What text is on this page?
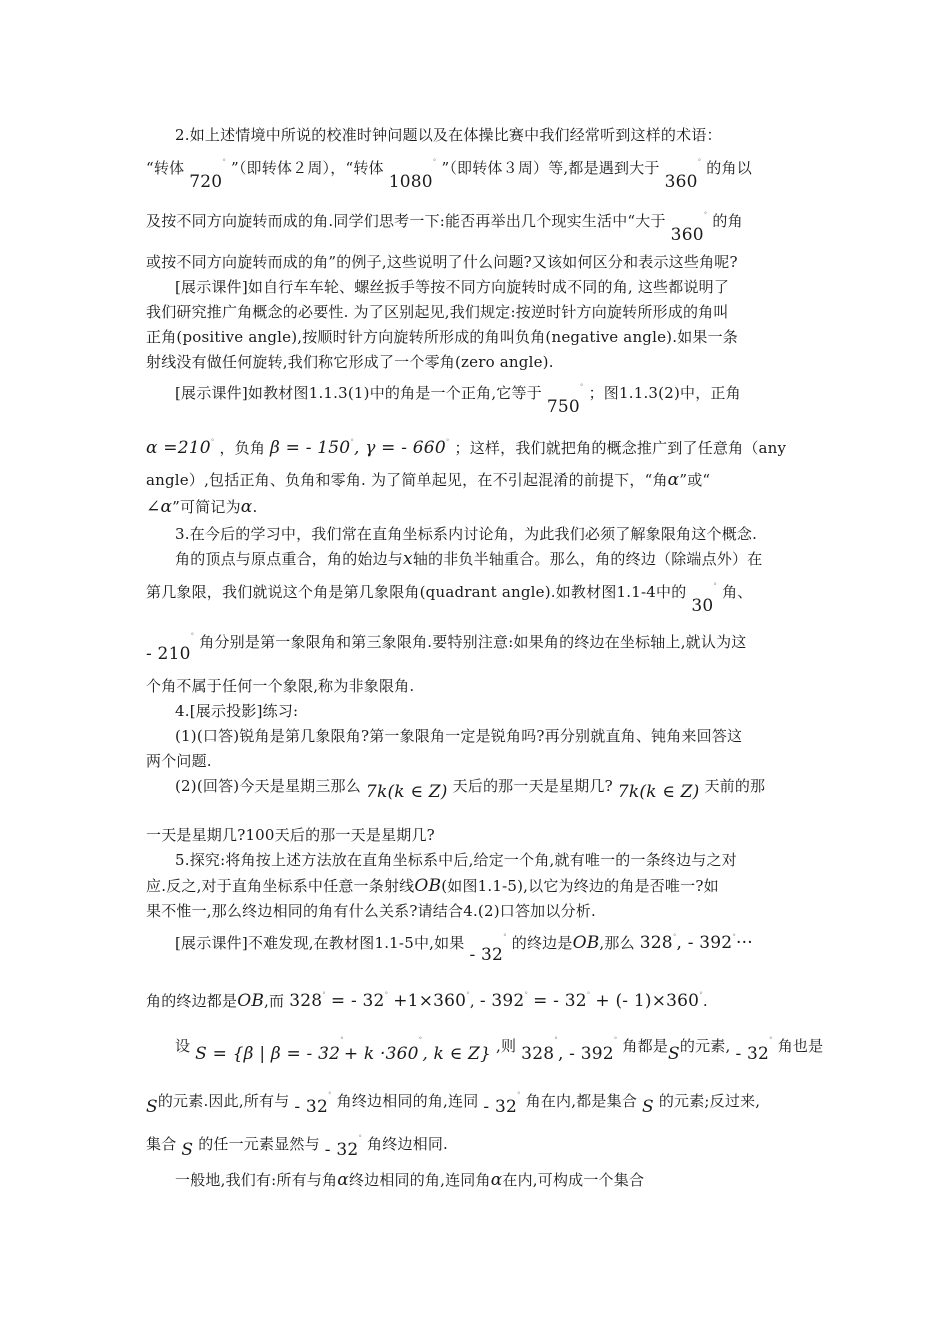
2.如上述情境中所说的校准时钟问题以及在体操比赛中我们经常听到这样的术语：
“转体 720° ”（即转体２周），“转体 1080° ”（即转体３周）等,都是遇到大于 360° 的角以
及按不同方向旋转而成的角.同学们思考一下:能否再举出几个现实生活中“大于 360° 的角
或按不同方向旋转而成的角”的例子,这些说明了什么问题?又该如何区分和表示这些角呢?
[展示课件]如自行车车轮、螺丝扳手等按不同方向旋转时成不同的角, 这些都说明了
我们研究推广角概念的必要性. 为了区别起见,我们规定:按逆时针方向旋转所形成的角叫
正角(positive angle),按顺时针方向旋转所形成的角叫负角(negative angle).如果一条
射线没有做任何旋转,我们称它形成了一个零角(zero angle).
[展示课件]如教材图1.1.3(1)中的角是一个正角,它等于 750° ；图1.1.3(2)中，正角
α =210° ，负角 β = - 150°, γ = - 660° ；这样，我们就把角的概念推广到了任意角（any
angle）,包括正角、负角和零角. 为了简单起见，在不引起混淆的前提下，“角α”或“
∠α”可简记为α.
3.在今后的学习中，我们常在直角坐标系内讨论角，为此我们必须了解象限角这个概念.
角的顶点与原点重合，角的始边与x轴的非负半轴重合。那么，角的终边（除端点外）在
第几象限，我们就说这个角是第几象限角(quadrant angle).如教材图1.1-4中的 30° 角、
- 210° 角分别是第一象限角和第三象限角.要特别注意:如果角的终边在坐标轴上,就认为这
个角不属于任何一个象限,称为非象限角.
4.[展示投影]练习:
(1)(口答)锐角是第几象限角?第一象限角一定是锐角吗?再分别就直角、钝角来回答这
两个问题.
(2)(回答)今天是星期三那么 7k(k ∈ Z) 天后的那一天是星期几? 7k(k ∈ Z) 天前的那
一天是星期几?100天后的那一天是星期几?
5.探究:将角按上述方法放在直角坐标系中后,给定一个角,就有唯一的一条终边与之对
应.反之,对于直角坐标系中任意一条射线OB(如图1.1-5),以它为终边的角是否唯一?如
果不惟一,那么终边相同的角有什么关系?请结合4.(2)口答加以分析.
[展示课件]不难发现,在教材图1.1-5中,如果 - 32° 的终边是OB,那么 328°, - 392°···
角的终边都是OB,而 328° = - 32° +1×360°, - 392° = - 32° + (- 1)×360°.
设 S = {β | β = - 32°+ k ·360°, k ∈ Z} ,则 328°, - 392° 角都是S的元素, - 32° 角也是
S的元素.因此,所有与 - 32° 角终边相同的角,连同 - 32° 角在内,都是集合 S 的元素;反过来,
集合 S 的任一元素显然与 - 32° 角终边相同.
一般地,我们有:所有与角α终边相同的角,连同角α在内,可构成一个集合
